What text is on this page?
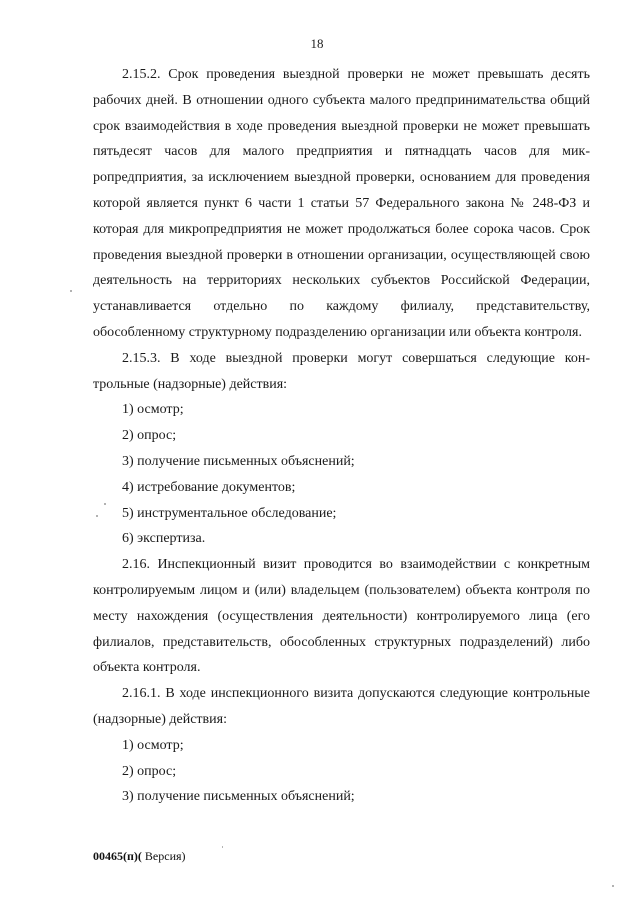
18

2.15.2. Срок проведения выездной проверки не может превышать десять рабочих дней. В отношении одного субъекта малого предпринимательства общий срок взаимодействия в ходе проведения выездной проверки не может превышать пятьдесят часов для малого предприятия и пятнадцать часов для микропредприятия, за исключением выездной проверки, основанием для проведения которой является пункт 6 части 1 статьи 57 Федерального закона № 248-ФЗ и которая для микропредприятия не может продолжаться более сорока часов. Срок проведения выездной проверки в отношении организации, осуществляющей свою деятельность на территориях нескольких субъектов Российской Федерации, устанавливается отдельно по каждому филиалу, представительству, обособленному структурному подразделению организации или объекта контроля.

2.15.3. В ходе выездной проверки могут совершаться следующие контрольные (надзорные) действия:

1) осмотр;

2) опрос;

3) получение письменных объяснений;

4) истребование документов;

5) инструментальное обследование;

6) экспертиза.

2.16. Инспекционный визит проводится во взаимодействии с конкретным контролируемым лицом и (или) владельцем (пользователем) объекта контроля по месту нахождения (осуществления деятельности) контролируемого лица (его филиалов, представительств, обособленных структурных подразделений) либо объекта контроля.

2.16.1. В ходе инспекционного визита допускаются следующие контрольные (надзорные) действия:

1) осмотр;

2) опрос;

3) получение письменных объяснений;

00465(п)( Версия)
